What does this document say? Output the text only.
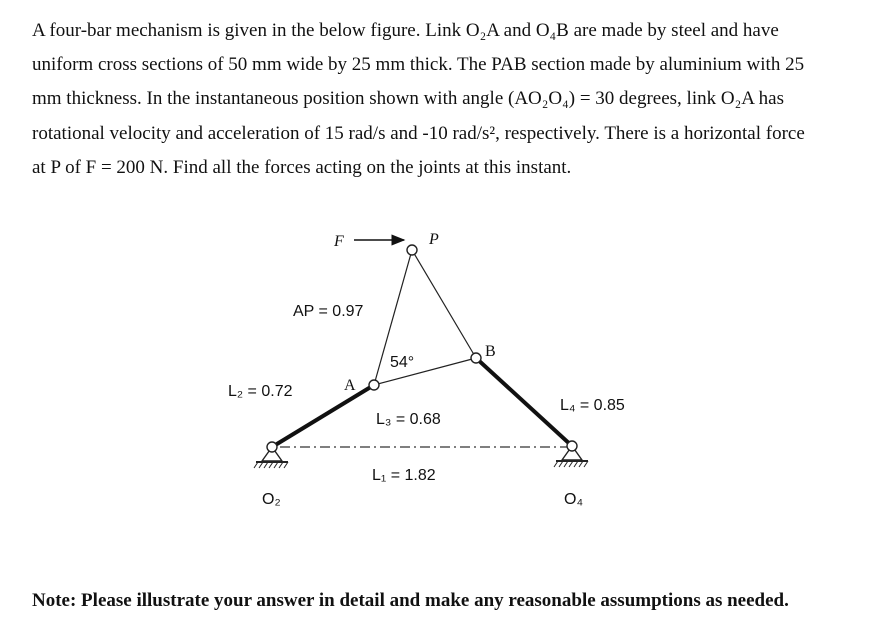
A four-bar mechanism is given in the below figure. Link O₂A and O₄B are made by steel and have
uniform cross sections of 50 mm wide by 25 mm thick. The PAB section made by aluminium with 25
mm thickness. In the instantaneous position shown with angle (AO₂O₄) = 30 degrees, link O₂A has
rotational velocity and acceleration of 15 rad/s and -10 rad/s², respectively. There is a horizontal force
at P of F = 200 N. Find all the forces acting on the joints at this instant.
F	P
A
B
AP = 0.97
54°
L₂ = 0.72
L₃ = 0.68
L₄ = 0.85
L₁ = 1.82
O₂	O₄

Note: Please illustrate your answer in detail and make any reasonable assumptions as needed.
